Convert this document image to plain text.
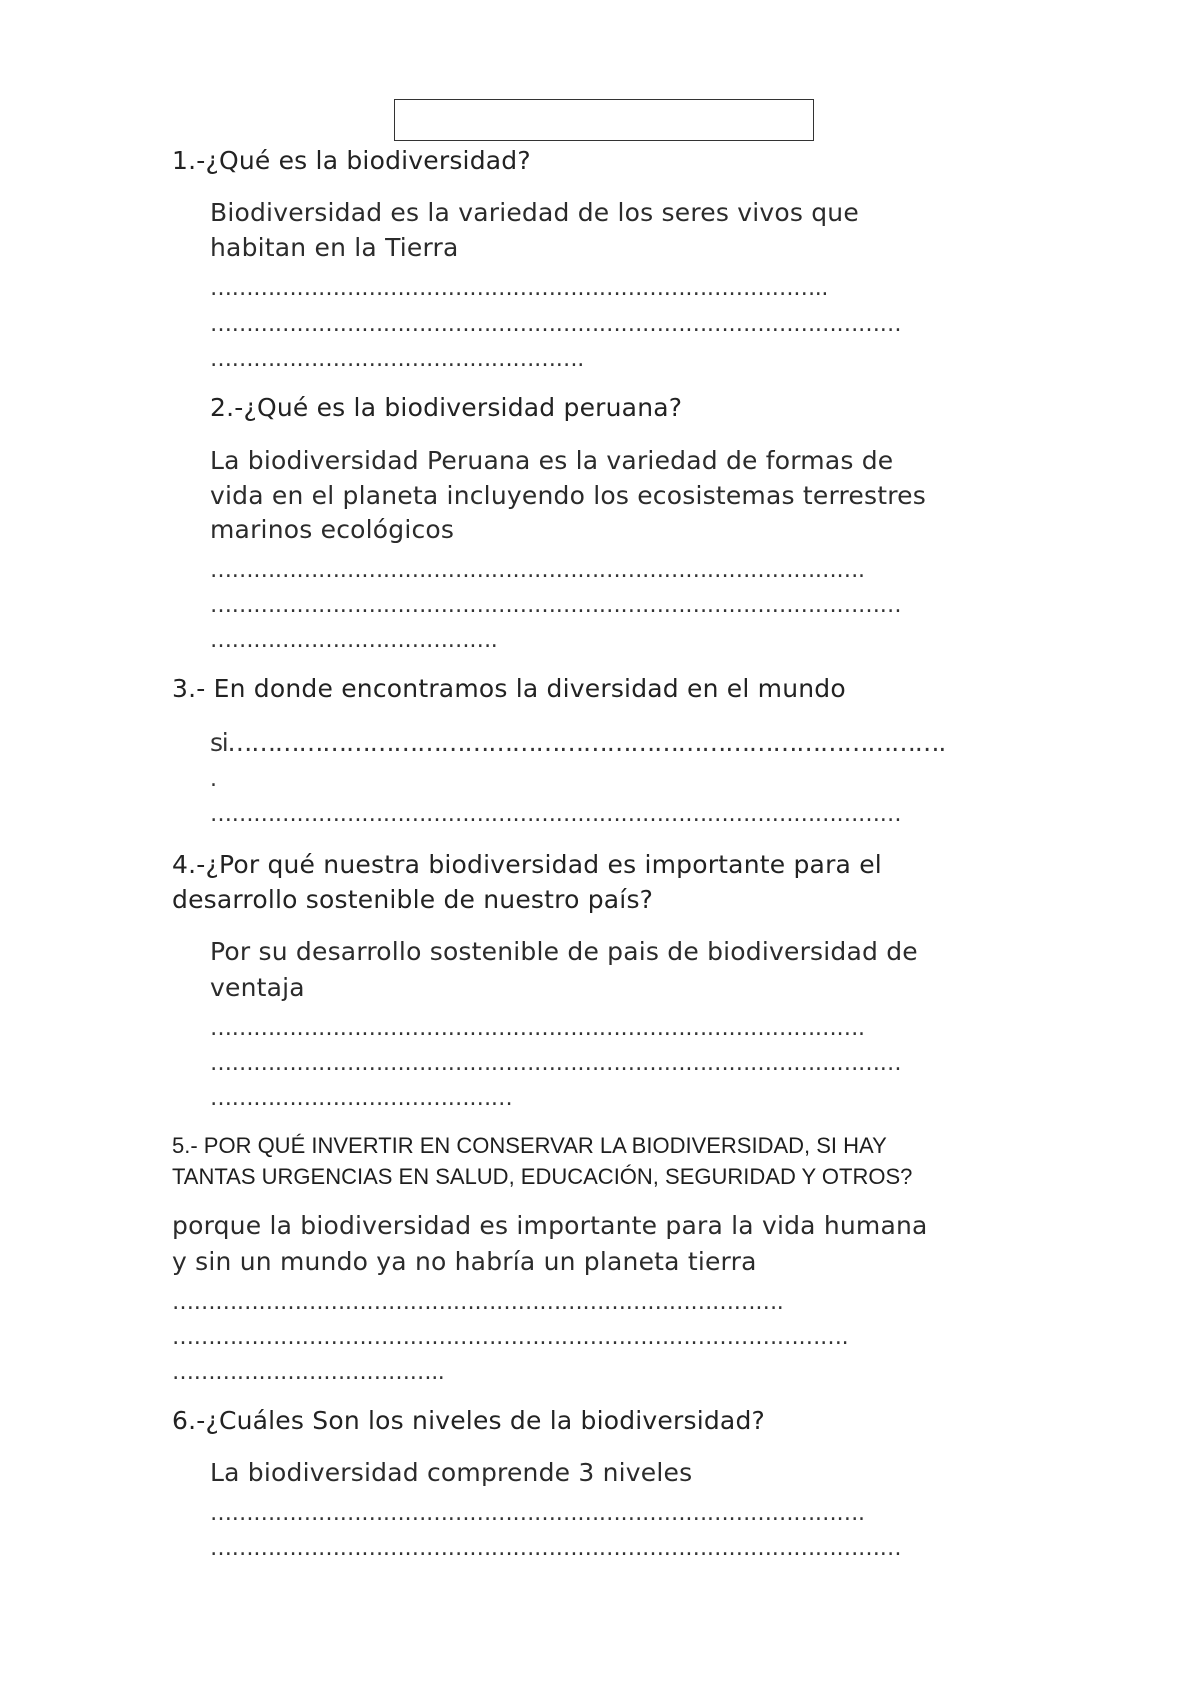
1.-¿Qué es la biodiversidad?
Biodiversidad es la variedad de los seres vivos que
habitan en la Tierra
…………………………………………………………………………..
……………………………………………………………………………………
…………………………………………….
2.-¿Qué es la biodiversidad peruana?
La biodiversidad Peruana es la variedad de formas de
vida en el planeta incluyendo los ecosistemas terrestres
marinos ecológicos
……………………………………………………………………………….
……………………………………………………………………………………
………………………………….
3.- En donde encontramos la diversidad en el mundo
si……………………………………………………………………………….
.
……………………………………………………………………………………
4.-¿Por qué nuestra biodiversidad es importante para el
desarrollo sostenible de nuestro país?
Por su desarrollo sostenible de pais de biodiversidad de
ventaja
……………………………………………………………………………….
……………………………………………………………………………………
……………………………………
5.- POR QUÉ INVERTIR EN CONSERVAR LA BIODIVERSIDAD, SI HAY
TANTAS URGENCIAS EN SALUD, EDUCACIÓN, SEGURIDAD Y OTROS?
porque la biodiversidad es importante para la vida humana
y sin un mundo ya no habría un planeta tierra
………………………………………………………………………….
………………………………………………………………………………….
………………………………..
6.-¿Cuáles Son los niveles de la biodiversidad?
La biodiversidad comprende 3 niveles
……………………………………………………………………………….
……………………………………………………………………………………
